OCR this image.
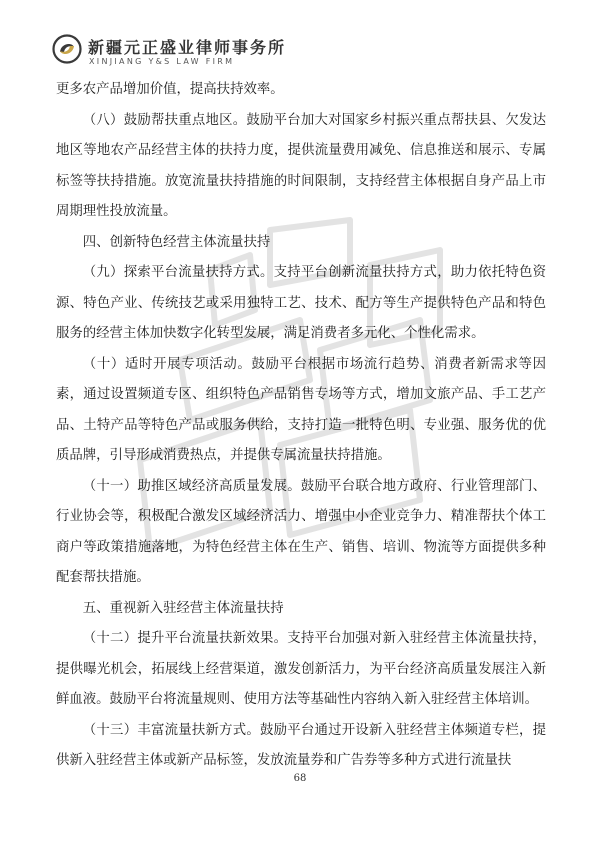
新疆元正盛业律师事务所
XINJIANG Y&S LAW FIRM

更多农产品增加价值，提高扶持效率。

（八）鼓励帮扶重点地区。鼓励平台加大对国家乡村振兴重点帮扶县、欠发达地区等地农产品经营主体的扶持力度，提供流量费用减免、信息推送和展示、专属标签等扶持措施。放宽流量扶持措施的时间限制，支持经营主体根据自身产品上市周期理性投放流量。

四、创新特色经营主体流量扶持

（九）探索平台流量扶持方式。支持平台创新流量扶持方式，助力依托特色资源、特色产业、传统技艺或采用独特工艺、技术、配方等生产提供特色产品和特色服务的经营主体加快数字化转型发展，满足消费者多元化、个性化需求。

（十）适时开展专项活动。鼓励平台根据市场流行趋势、消费者新需求等因素，通过设置频道专区、组织特色产品销售专场等方式，增加文旅产品、手工艺产品、土特产品等特色产品或服务供给，支持打造一批特色明、专业强、服务优的优质品牌，引导形成消费热点，并提供专属流量扶持措施。

（十一）助推区域经济高质量发展。鼓励平台联合地方政府、行业管理部门、行业协会等，积极配合激发区域经济活力、增强中小企业竞争力、精准帮扶个体工商户等政策措施落地，为特色经营主体在生产、销售、培训、物流等方面提供多种配套帮扶措施。

五、重视新入驻经营主体流量扶持

（十二）提升平台流量扶新效果。支持平台加强对新入驻经营主体流量扶持，提供曝光机会，拓展线上经营渠道，激发创新活力，为平台经济高质量发展注入新鲜血液。鼓励平台将流量规则、使用方法等基础性内容纳入新入驻经营主体培训。

（十三）丰富流量扶新方式。鼓励平台通过开设新入驻经营主体频道专栏，提供新入驻经营主体或新产品标签，发放流量券和广告券等多种方式进行流量扶

68
